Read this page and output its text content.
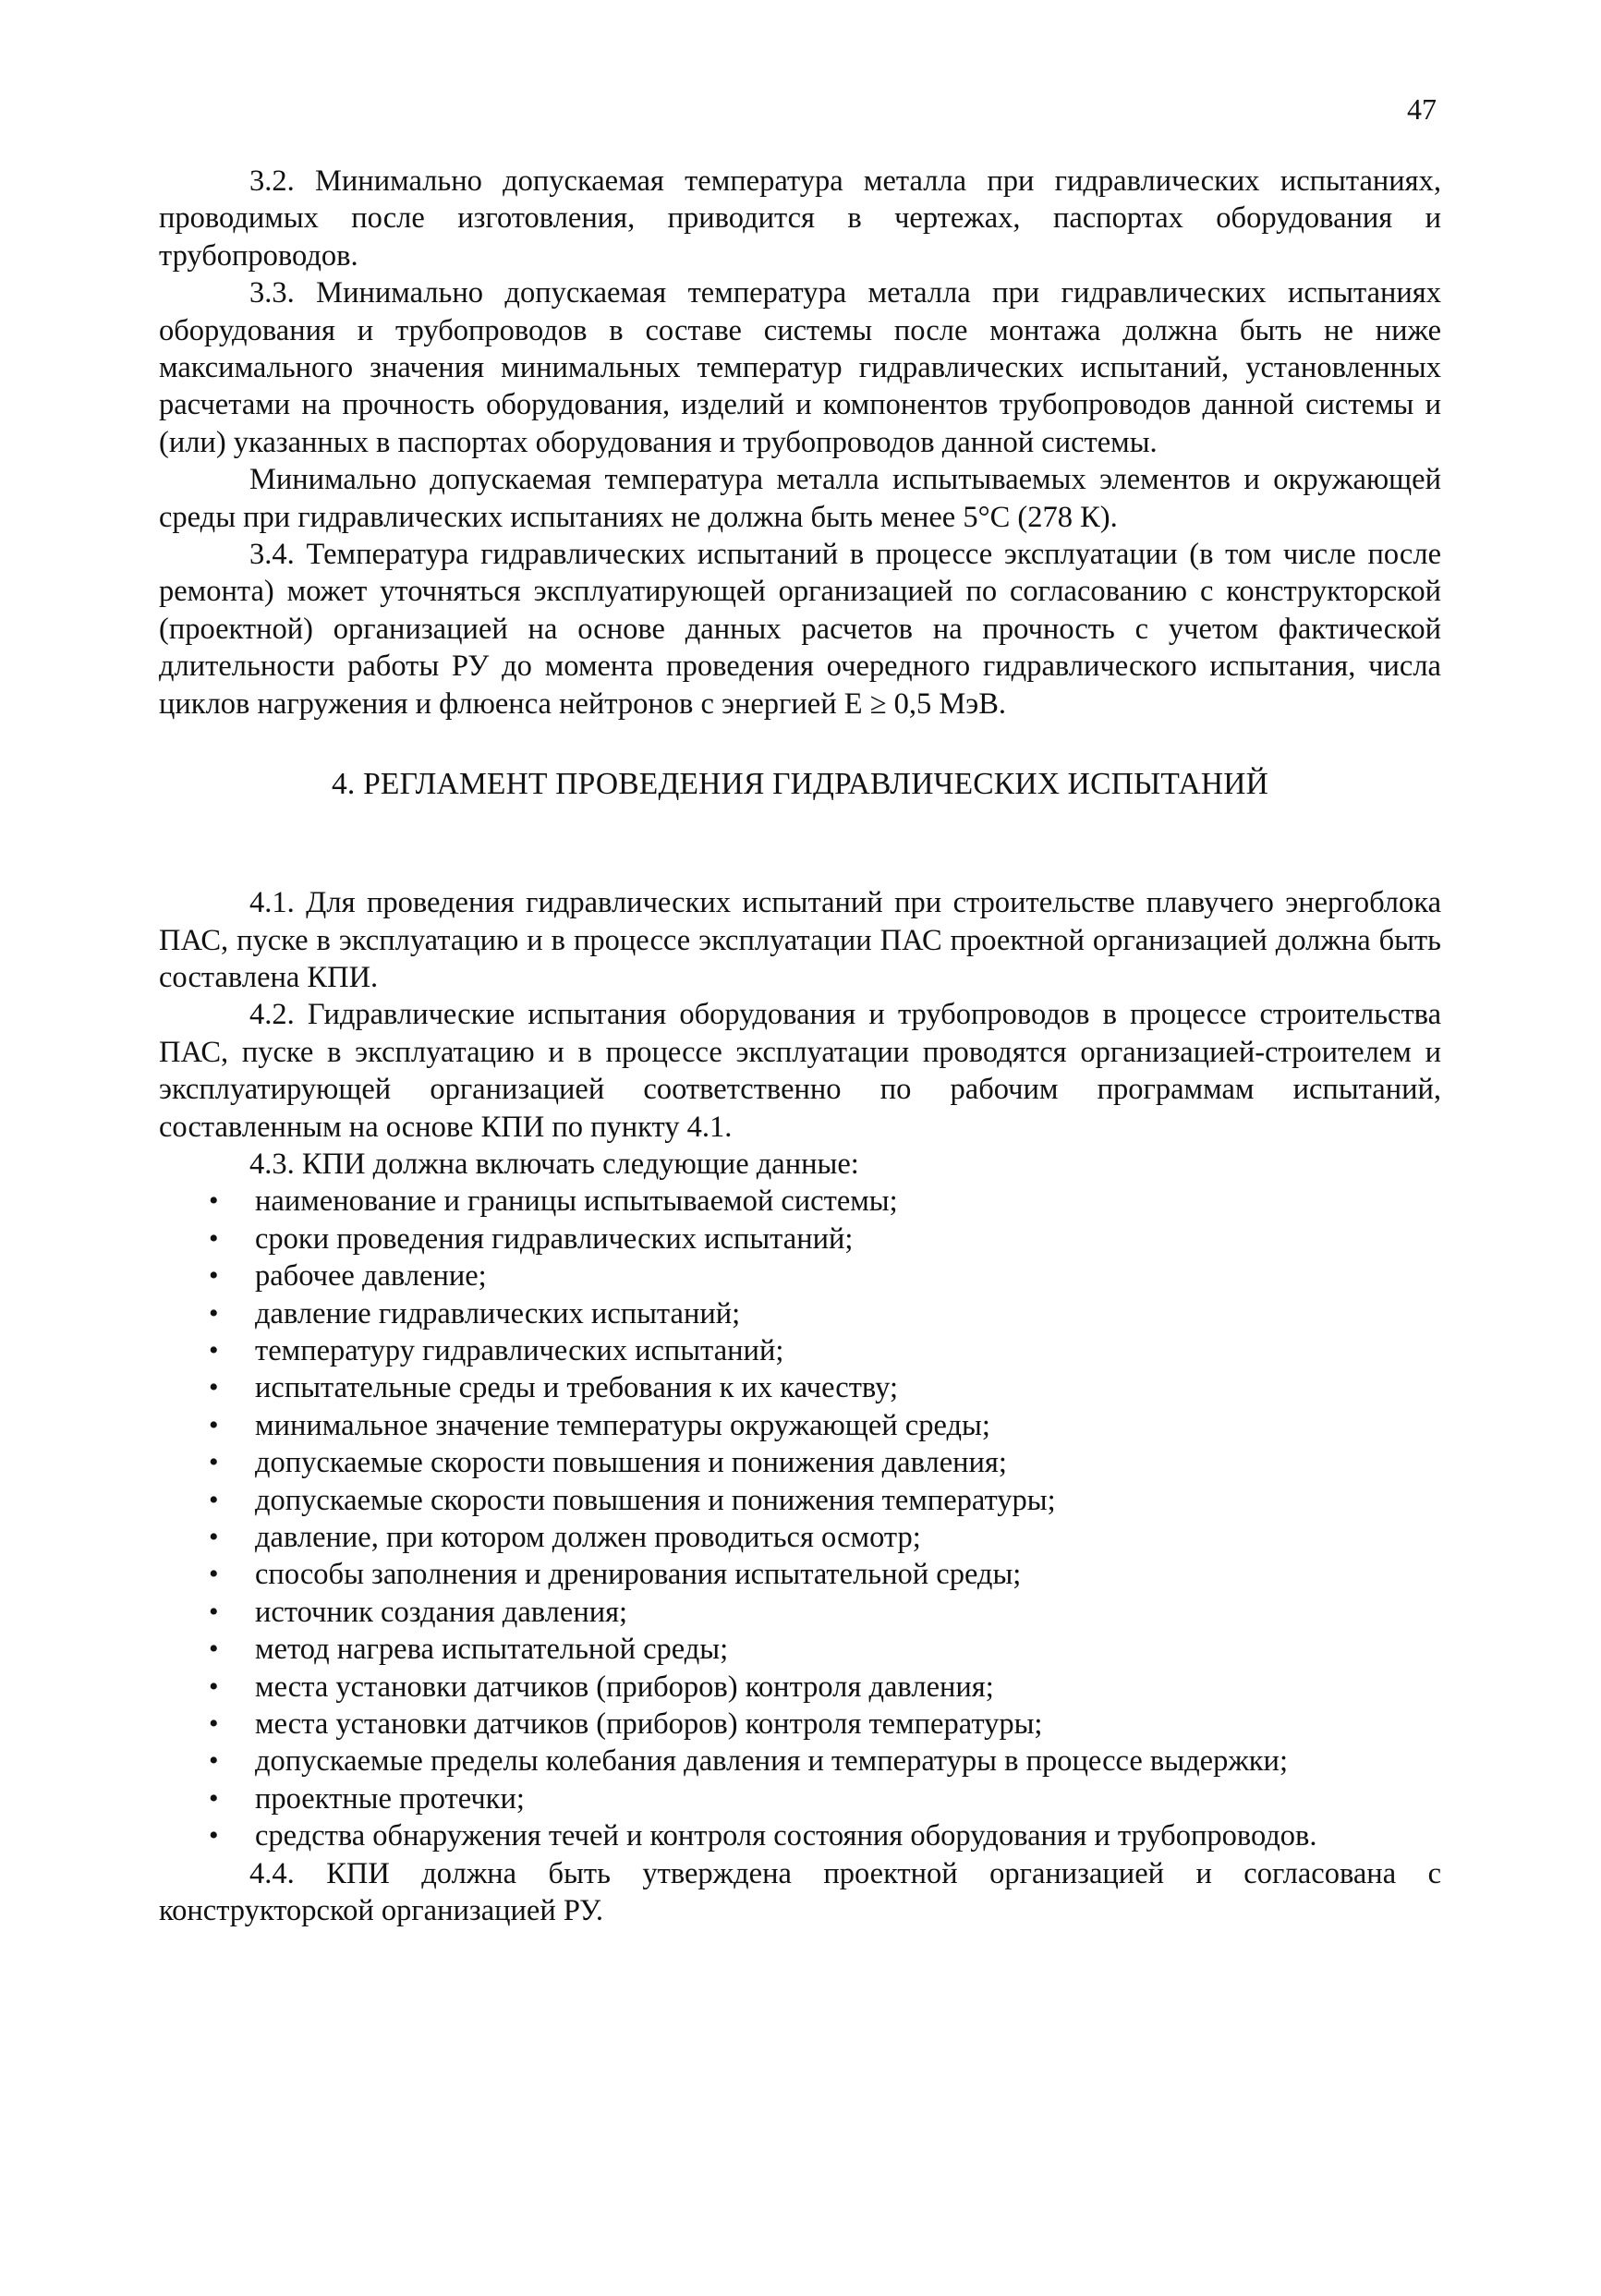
47

3.2. Минимально допускаемая температура металла при гидравлических испытаниях, проводимых после изготовления, приводится в чертежах, паспортах оборудования и трубопроводов.

3.3. Минимально допускаемая температура металла при гидравлических испытаниях оборудования и трубопроводов в составе системы после монтажа должна быть не ниже максимального значения минимальных температур гидравлических испытаний, установленных расчетами на прочность оборудования, изделий и компонентов трубопроводов данной системы и (или) указанных в паспортах оборудования и трубопроводов данной системы.

Минимально допускаемая температура металла испытываемых элементов и окружающей среды при гидравлических испытаниях не должна быть менее 5°С (278 К).

3.4. Температура гидравлических испытаний в процессе эксплуатации (в том числе после ремонта) может уточняться эксплуатирующей организацией по согласованию с конструкторской (проектной) организацией на основе данных расчетов на прочность с учетом фактической длительности работы РУ до момента проведения очередного гидравлического испытания, числа циклов нагружения и флюенса нейтронов с энергией Е ≥ 0,5 МэВ.

4. РЕГЛАМЕНТ ПРОВЕДЕНИЯ ГИДРАВЛИЧЕСКИХ ИСПЫТАНИЙ

4.1. Для проведения гидравлических испытаний при строительстве плавучего энергоблока ПАС, пуске в эксплуатацию и в процессе эксплуатации ПАС проектной организацией должна быть составлена КПИ.

4.2. Гидравлические испытания оборудования и трубопроводов в процессе строительства ПАС, пуске в эксплуатацию и в процессе эксплуатации проводятся организацией-строителем и эксплуатирующей организацией соответственно по рабочим программам испытаний, составленным на основе КПИ по пункту 4.1.

4.3. КПИ должна включать следующие данные:

• наименование и границы испытываемой системы;
• сроки проведения гидравлических испытаний;
• рабочее давление;
• давление гидравлических испытаний;
• температуру гидравлических испытаний;
• испытательные среды и требования к их качеству;
• минимальное значение температуры окружающей среды;
• допускаемые скорости повышения и понижения давления;
• допускаемые скорости повышения и понижения температуры;
• давление, при котором должен проводиться осмотр;
• способы заполнения и дренирования испытательной среды;
• источник создания давления;
• метод нагрева испытательной среды;
• места установки датчиков (приборов) контроля давления;
• места установки датчиков (приборов) контроля температуры;
• допускаемые пределы колебания давления и температуры в процессе выдержки;
• проектные протечки;
• средства обнаружения течей и контроля состояния оборудования и трубопроводов.

4.4. КПИ должна быть утверждена проектной организацией и согласована с конструкторской организацией РУ.
